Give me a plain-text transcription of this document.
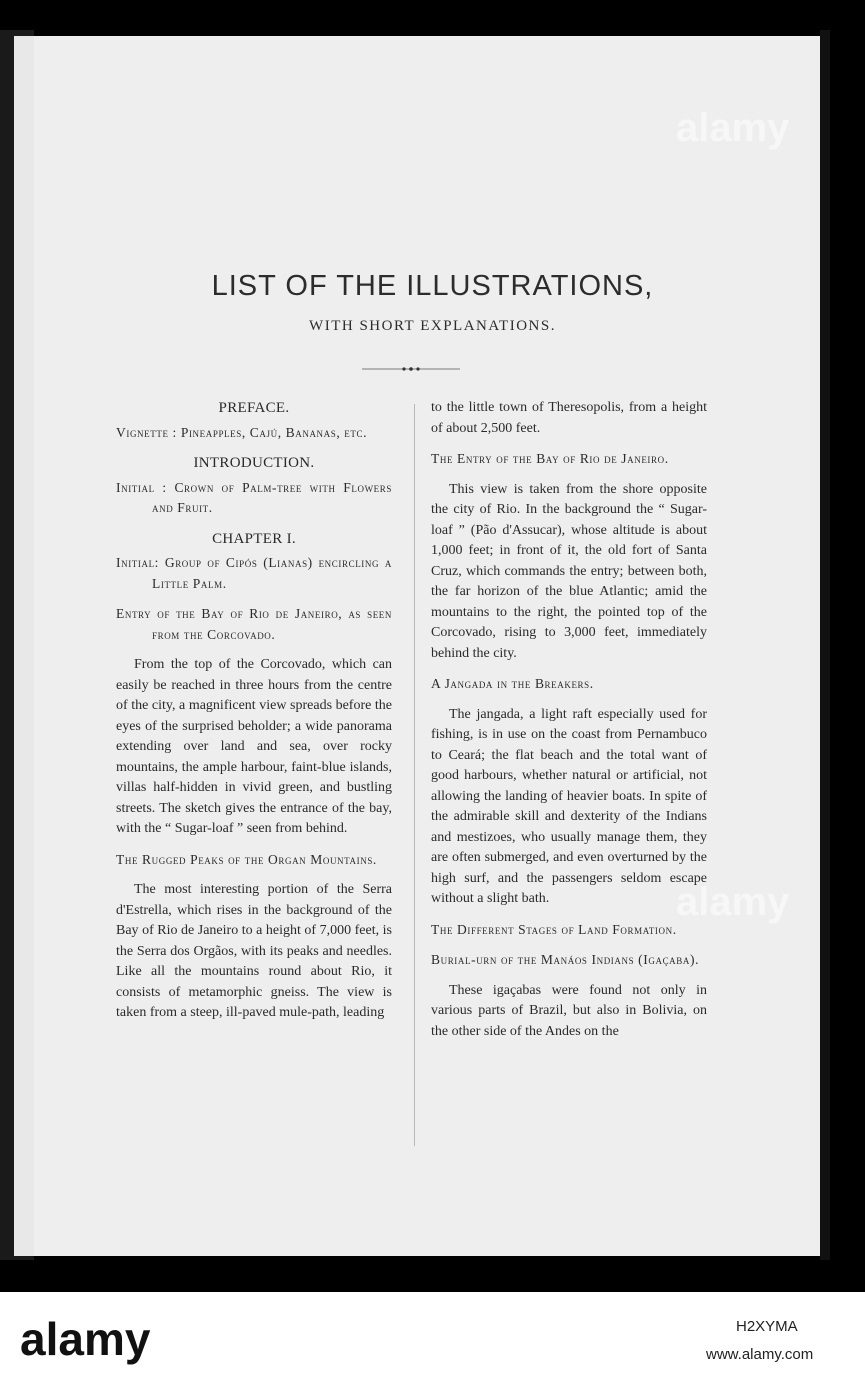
LIST OF THE ILLUSTRATIONS,
WITH SHORT EXPLANATIONS.
PREFACE.
Vignette : Pineapples, Cajú, Bananas, etc.
INTRODUCTION.
Initial : Crown of Palm-tree with Flowers and Fruit.
CHAPTER I.
Initial: Group of Cipós (Lianas) encircling a Little Palm.
Entry of the Bay of Rio de Janeiro, as seen from the Corcovado.
From the top of the Corcovado, which can easily be reached in three hours from the centre of the city, a magnificent view spreads before the eyes of the surprised beholder; a wide panorama extending over land and sea, over rocky mountains, the ample harbour, faint-blue islands, villas half-hidden in vivid green, and bustling streets. The sketch gives the entrance of the bay, with the “ Sugar-loaf ” seen from behind.
The Rugged Peaks of the Organ Mountains.
The most interesting portion of the Serra d'Estrella, which rises in the background of the Bay of Rio de Janeiro to a height of 7,000 feet, is the Serra dos Orgãos, with its peaks and needles. Like all the mountains round about Rio, it consists of metamorphic gneiss. The view is taken from a steep, ill-paved mule-path, leading
to the little town of Theresopolis, from a height of about 2,500 feet.
The Entry of the Bay of Rio de Janeiro.
This view is taken from the shore opposite the city of Rio. In the background the “ Sugar-loaf ” (Pão d'Assucar), whose altitude is about 1,000 feet; in front of it, the old fort of Santa Cruz, which commands the entry; between both, the far horizon of the blue Atlantic; amid the mountains to the right, the pointed top of the Corcovado, rising to 3,000 feet, immediately behind the city.
A Jangada in the Breakers.
The jangada, a light raft especially used for fishing, is in use on the coast from Pernambuco to Ceará; the flat beach and the total want of good harbours, whether natural or artificial, not allowing the landing of heavier boats. In spite of the admirable skill and dexterity of the Indians and mestizoes, who usually manage them, they are often submerged, and even overturned by the high surf, and the passengers seldom escape without a slight bath.
The Different Stages of Land Formation.
Burial-urn of the Manáos Indians (Igaçaba).
These igaçabas were found not only in various parts of Brazil, but also in Bolivia, on the other side of the Andes on the
alamy
alamy
alamy	H2XYMA
www.alamy.com
